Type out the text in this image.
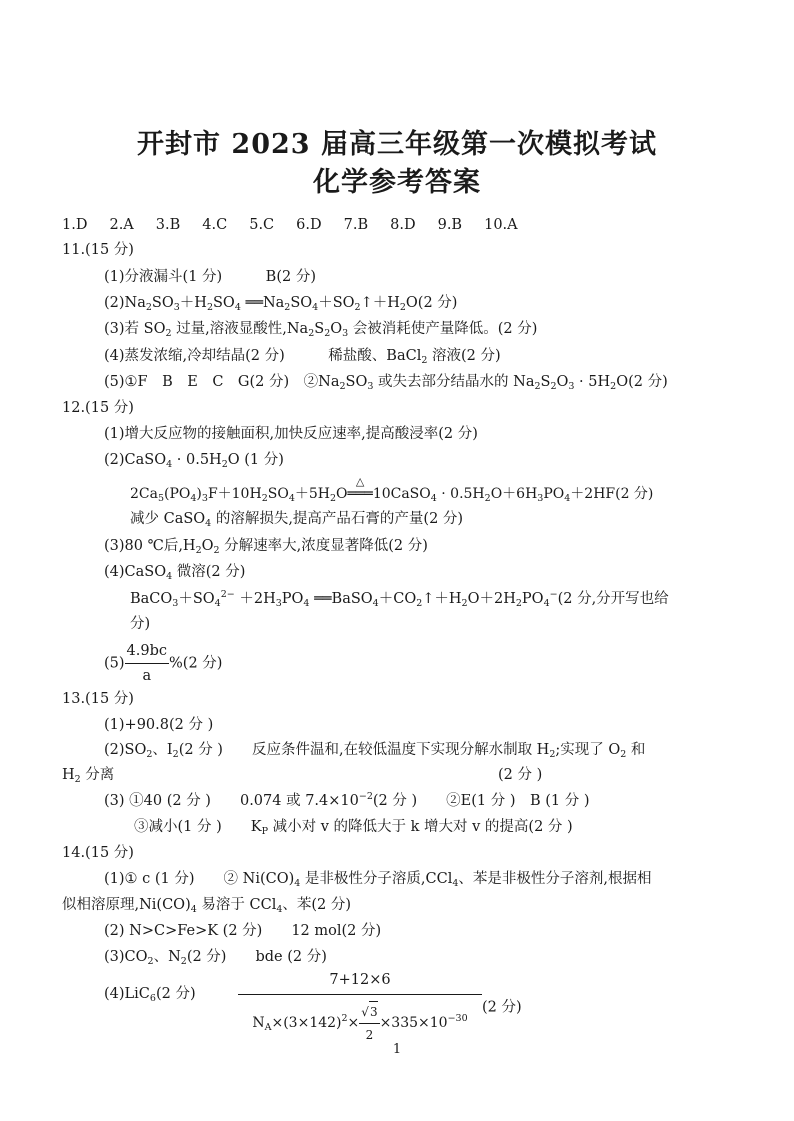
开封市 2023 届高三年级第一次模拟考试
化学参考答案
1.D 2.A 3.B 4.C 5.C 6.D 7.B 8.D 9.B 10.A
11.(15 分)
(1)分液漏斗(1 分)　　　B(2 分)
$(2)Na_2SO_3+H_2SO_4$ $══Na_2SO_4+SO_2↑+H_2O(2$ 分)
(3)若 $SO_2$ 过量,溶液显酸性$,Na_2S_2O_3$ 会被消耗使产量降低。(2 分)
(4)蒸发浓缩,冷却结晶(2 分)　　　稀盐酸、BaCl$_2$ 溶液(2 分)
(5)①F　B　E　C　G(2 分)　$②Na_2SO_3$ 或失去部分结晶水的 $Na_2S_2O_3 \cdot 5H_2O(2$ 分)
12.(15 分)
(1)增大反应物的接触面积,加快反应速率,提高酸浸率(2 分)
(2)CaSO$_4$ · $0.5H_2O$ (1 分)
$2Ca_5(PO_4)_3F+10H_2SO_4+5H_2O$
△
═══10CaSO$_4$ · $0.5H_2O+6H_3PO_4+2HF(2$ 分)
减少 CaSO$_4$ 的溶解损失,提高产品石膏的产量(2 分)
(3)80 ℃后$,H_2O_2$ 分解速率大,浓度显著降低(2 分)
(4)CaSO$_4$ 微溶(2 分)
$BaCO_3+SO_4^{2-} +2H_3PO_4$ $══BaSO_4+CO_2↑+H_2O+2H_2PO_4^-(2$ 分,分开写也给
分)
$(5) \frac{4.9bc}{a} \%(2$ 分)
13.(15 分)
(1)+90.8(2 分 )
$(2)SO_2$、$I_2(2$ 分 )　　反应条件温和,在较低温度下实现分解水制取 $H_2$;实现了 $O_2$ 和
$H_2$ 分离	(2 分 )
(3) ①40 (2 分 )　　0.074 或 $7.4\times 10^{-2}(2$ 分 )　　②E(1 分 )　B (1 分 )
③减小(1 分 )　　$K_P$ 减小对 v 的降低大于 k 增大对 v 的提高(2 分 )
14.(15 分)
(1)① c (1 分)　　② $Ni(CO)_4$ 是非极性分子溶质,CCl$_4$、苯是非极性分子溶剂,根据相
似相溶原理$,Ni(CO)_4$ 易溶于 CCl$_4$、苯(2 分)
(2) N>C>Fe>K (2 分)　　12 mol(2 分)
$(3)CO_2$、$N_2(2$ 分)　　bde (2 分)
(4)LiC$_6$(2 分)	$\frac{7+12\times 6}{N_A\times(3\times 142)^2\times \frac{√3}{2} \times 335\times 10^{-30}} (2$ 分)
1
